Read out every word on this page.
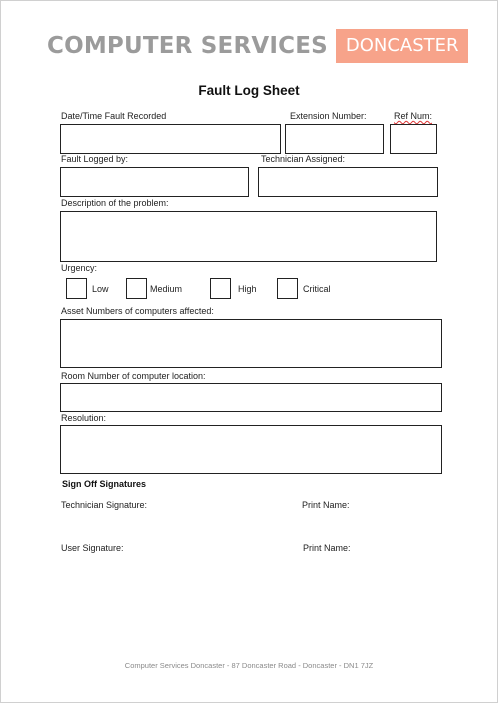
COMPUTER SERVICES	DONCASTER
Fault Log Sheet
Date/Time Fault Recorded	Extension Number:	Ref Num:
Fault Logged by:	Technician Assigned:
Description of the problem:
Urgency:
Low	Medium	High	Critical
Asset Numbers of computers affected:
Room Number of computer location:
Resolution:
Sign Off Signatures
Technician Signature:	Print Name:
User Signature:	Print Name:
Computer Services Doncaster - 87 Doncaster Road - Doncaster - DN1 7JZ
